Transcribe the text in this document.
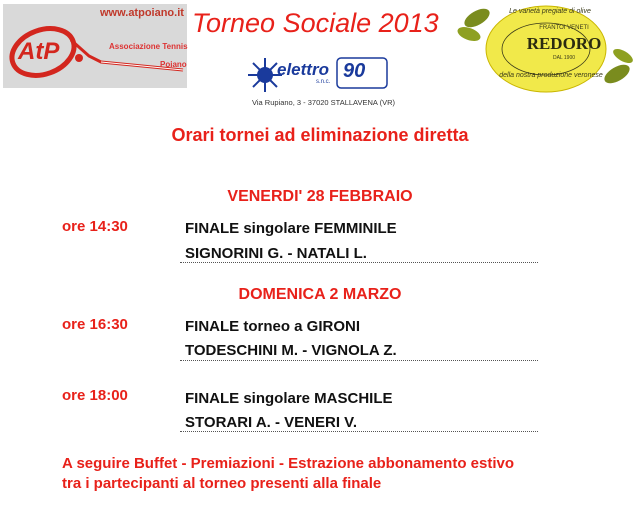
AtP
www.atpoiano.it
Associazione Tennis
Poiano
Torneo Sociale 2013
elettro 90
s.n.c.
Via Rupiano, 3 - 37020 STALLAVENA (VR)
Le varietà pregiate di olive
FRANTOI VENETI
REDORO
DAL 1900
della nostra produzione veronese
Orari tornei ad eliminazione diretta
VENERDI' 28 FEBBRAIO
ore 14:30	FINALE singolare FEMMINILE
SIGNORINI G. - NATALI L.
DOMENICA 2 MARZO
ore 16:30	FINALE torneo a GIRONI
TODESCHINI M. - VIGNOLA Z.
ore 18:00	FINALE singolare MASCHILE
STORARI A. - VENERI V.
A seguire Buffet - Premiazioni - Estrazione abbonamento estivo
tra i partecipanti al torneo presenti alla finale
